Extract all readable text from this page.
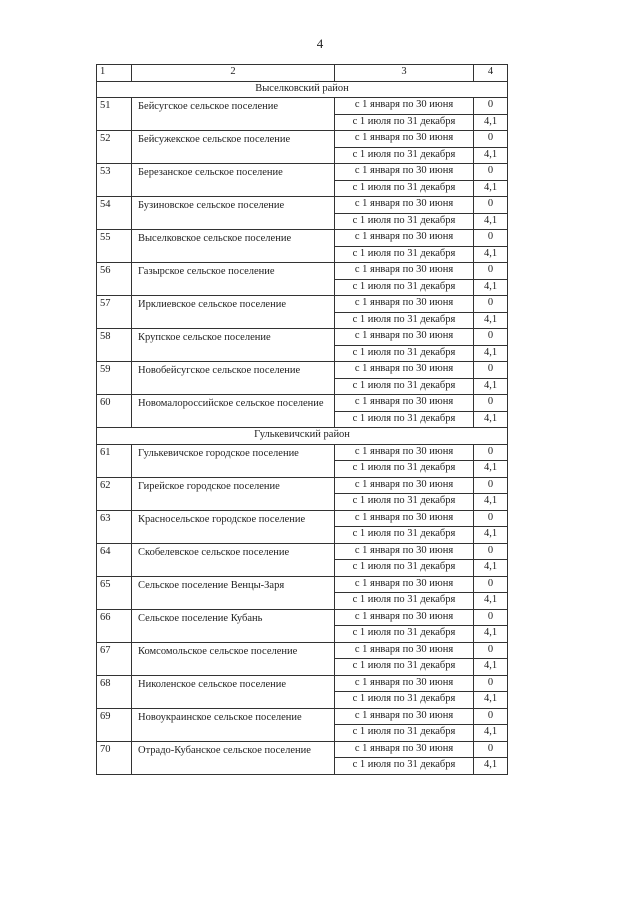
4
1	2	3	4
Выселковский район			
51	Бейсугское сельское поселение	с 1 января по 30 июня	0
		с 1 июля по 31 декабря	4,1
52	Бейсужекское сельское поселение	с 1 января по 30 июня	0
		с 1 июля по 31 декабря	4,1
53	Березанское сельское поселение	с 1 января по 30 июня	0
		с 1 июля по 31 декабря	4,1
54	Бузиновское сельское поселение	с 1 января по 30 июня	0
		с 1 июля по 31 декабря	4,1
55	Выселковское сельское поселение	с 1 января по 30 июня	0
		с 1 июля по 31 декабря	4,1
56	Газырское сельское поселение	с 1 января по 30 июня	0
		с 1 июля по 31 декабря	4,1
57	Ирклиевское сельское поселение	с 1 января по 30 июня	0
		с 1 июля по 31 декабря	4,1
58	Крупское сельское поселение	с 1 января по 30 июня	0
		с 1 июля по 31 декабря	4,1
59	Новобейсугское сельское поселение	с 1 января по 30 июня	0
		с 1 июля по 31 декабря	4,1
60	Новомалороссийское сельское поселение	с 1 января по 30 июня	0
		с 1 июля по 31 декабря	4,1
Гулькевичский район			
61	Гулькевичское городское поселение	с 1 января по 30 июня	0
		с 1 июля по 31 декабря	4,1
62	Гирейское городское поселение	с 1 января по 30 июня	0
		с 1 июля по 31 декабря	4,1
63	Красносельское городское поселение	с 1 января по 30 июня	0
		с 1 июля по 31 декабря	4,1
64	Скобелевское сельское поселение	с 1 января по 30 июня	0
		с 1 июля по 31 декабря	4,1
65	Сельское поселение Венцы-Заря	с 1 января по 30 июня	0
		с 1 июля по 31 декабря	4,1
66	Сельское поселение Кубань	с 1 января по 30 июня	0
		с 1 июля по 31 декабря	4,1
67	Комсомольское сельское поселение	с 1 января по 30 июня	0
		с 1 июля по 31 декабря	4,1
68	Николенское сельское поселение	с 1 января по 30 июня	0
		с 1 июля по 31 декабря	4,1
69	Новоукраинское сельское поселение	с 1 января по 30 июня	0
		с 1 июля по 31 декабря	4,1
70	Отрадо-Кубанское сельское поселение	с 1 января по 30 июня	0
		с 1 июля по 31 декабря	4,1
